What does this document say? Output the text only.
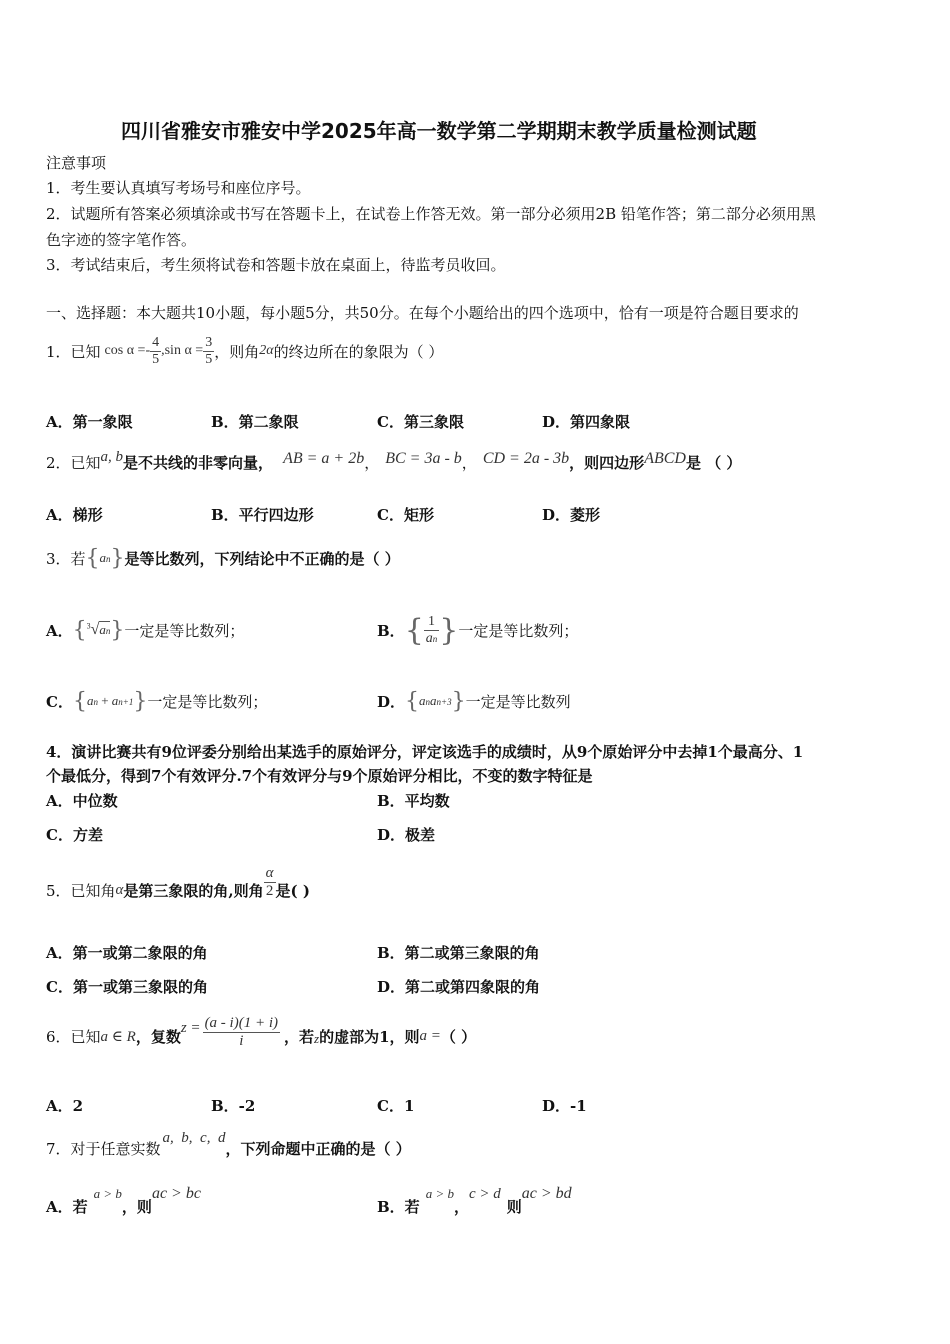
四川省雅安市雅安中学2025年高一数学第二学期期末教学质量检测试题
注意事项
1．考生要认真填写考场号和座位序号。
2．试题所有答案必须填涂或书写在答题卡上，在试卷上作答无效。第一部分必须用2B 铅笔作答；第二部分必须用黑
色字迹的签字笔作答。
3．考试结束后，考生须将试卷和答题卡放在桌面上，待监考员收回。
一、选择题：本大题共10小题，每小题5分，共50分。在每个小题给出的四个选项中，恰有一项是符合题目要求的
1．已知 $\cos \alpha =- \frac{4}{5} ,\sin$ $\alpha = \frac{3}{5}$ ，则角 2α 的终边所在的象限为（ ）
A．第一象限	B．第二象限	C．第三象限	D．第四象限
2．已知 a, b 是不共线的非零向量， AB = a + 2b ， BC = 3a - b ， CD = 2a - 3b ，则四边形 ABCD 是 （ ）
A．梯形	B．平行四边形	C．矩形	D．菱形
3．若 { an } 是等比数列，下列结论中不正确的是（ ）
A． { $^3$√an } 一定是等比数列；	B． { $\frac{1}{an}$ } 一定是等比数列；
C． { an + an+1 } 一定是等比数列；	D． { anan+3 } 一定是等比数列
4．演讲比赛共有9位评委分别给出某选手的原始评分，评定该选手的成绩时，从9个原始评分中去掉1个最高分、1
个最低分，得到7个有效评分.7个有效评分与9个原始评分相比，不变的数字特征是
A．中位数	B．平均数
C．方差	D．极差
5．已知角 α 是第三象限的角,则角 $\frac{\alpha}{2}$ 是( )
A．第一或第二象限的角	B．第二或第三象限的角
C．第一或第三象限的角	D．第二或第四象限的角
6．已知 a ∈ R ，复数 $z = \frac{(a - i)(1 + i)}{i}$ ，若 z 的虚部为1，则 a = （ ）
A．2	B．-2	C．1	D．-1
7．对于任意实数
a,  b,  c,  d
，下列命题中正确的是（ ）
A．若
a > b
，则
ac > bc
B．若
a > b
，
c > d
则
ac > bd
